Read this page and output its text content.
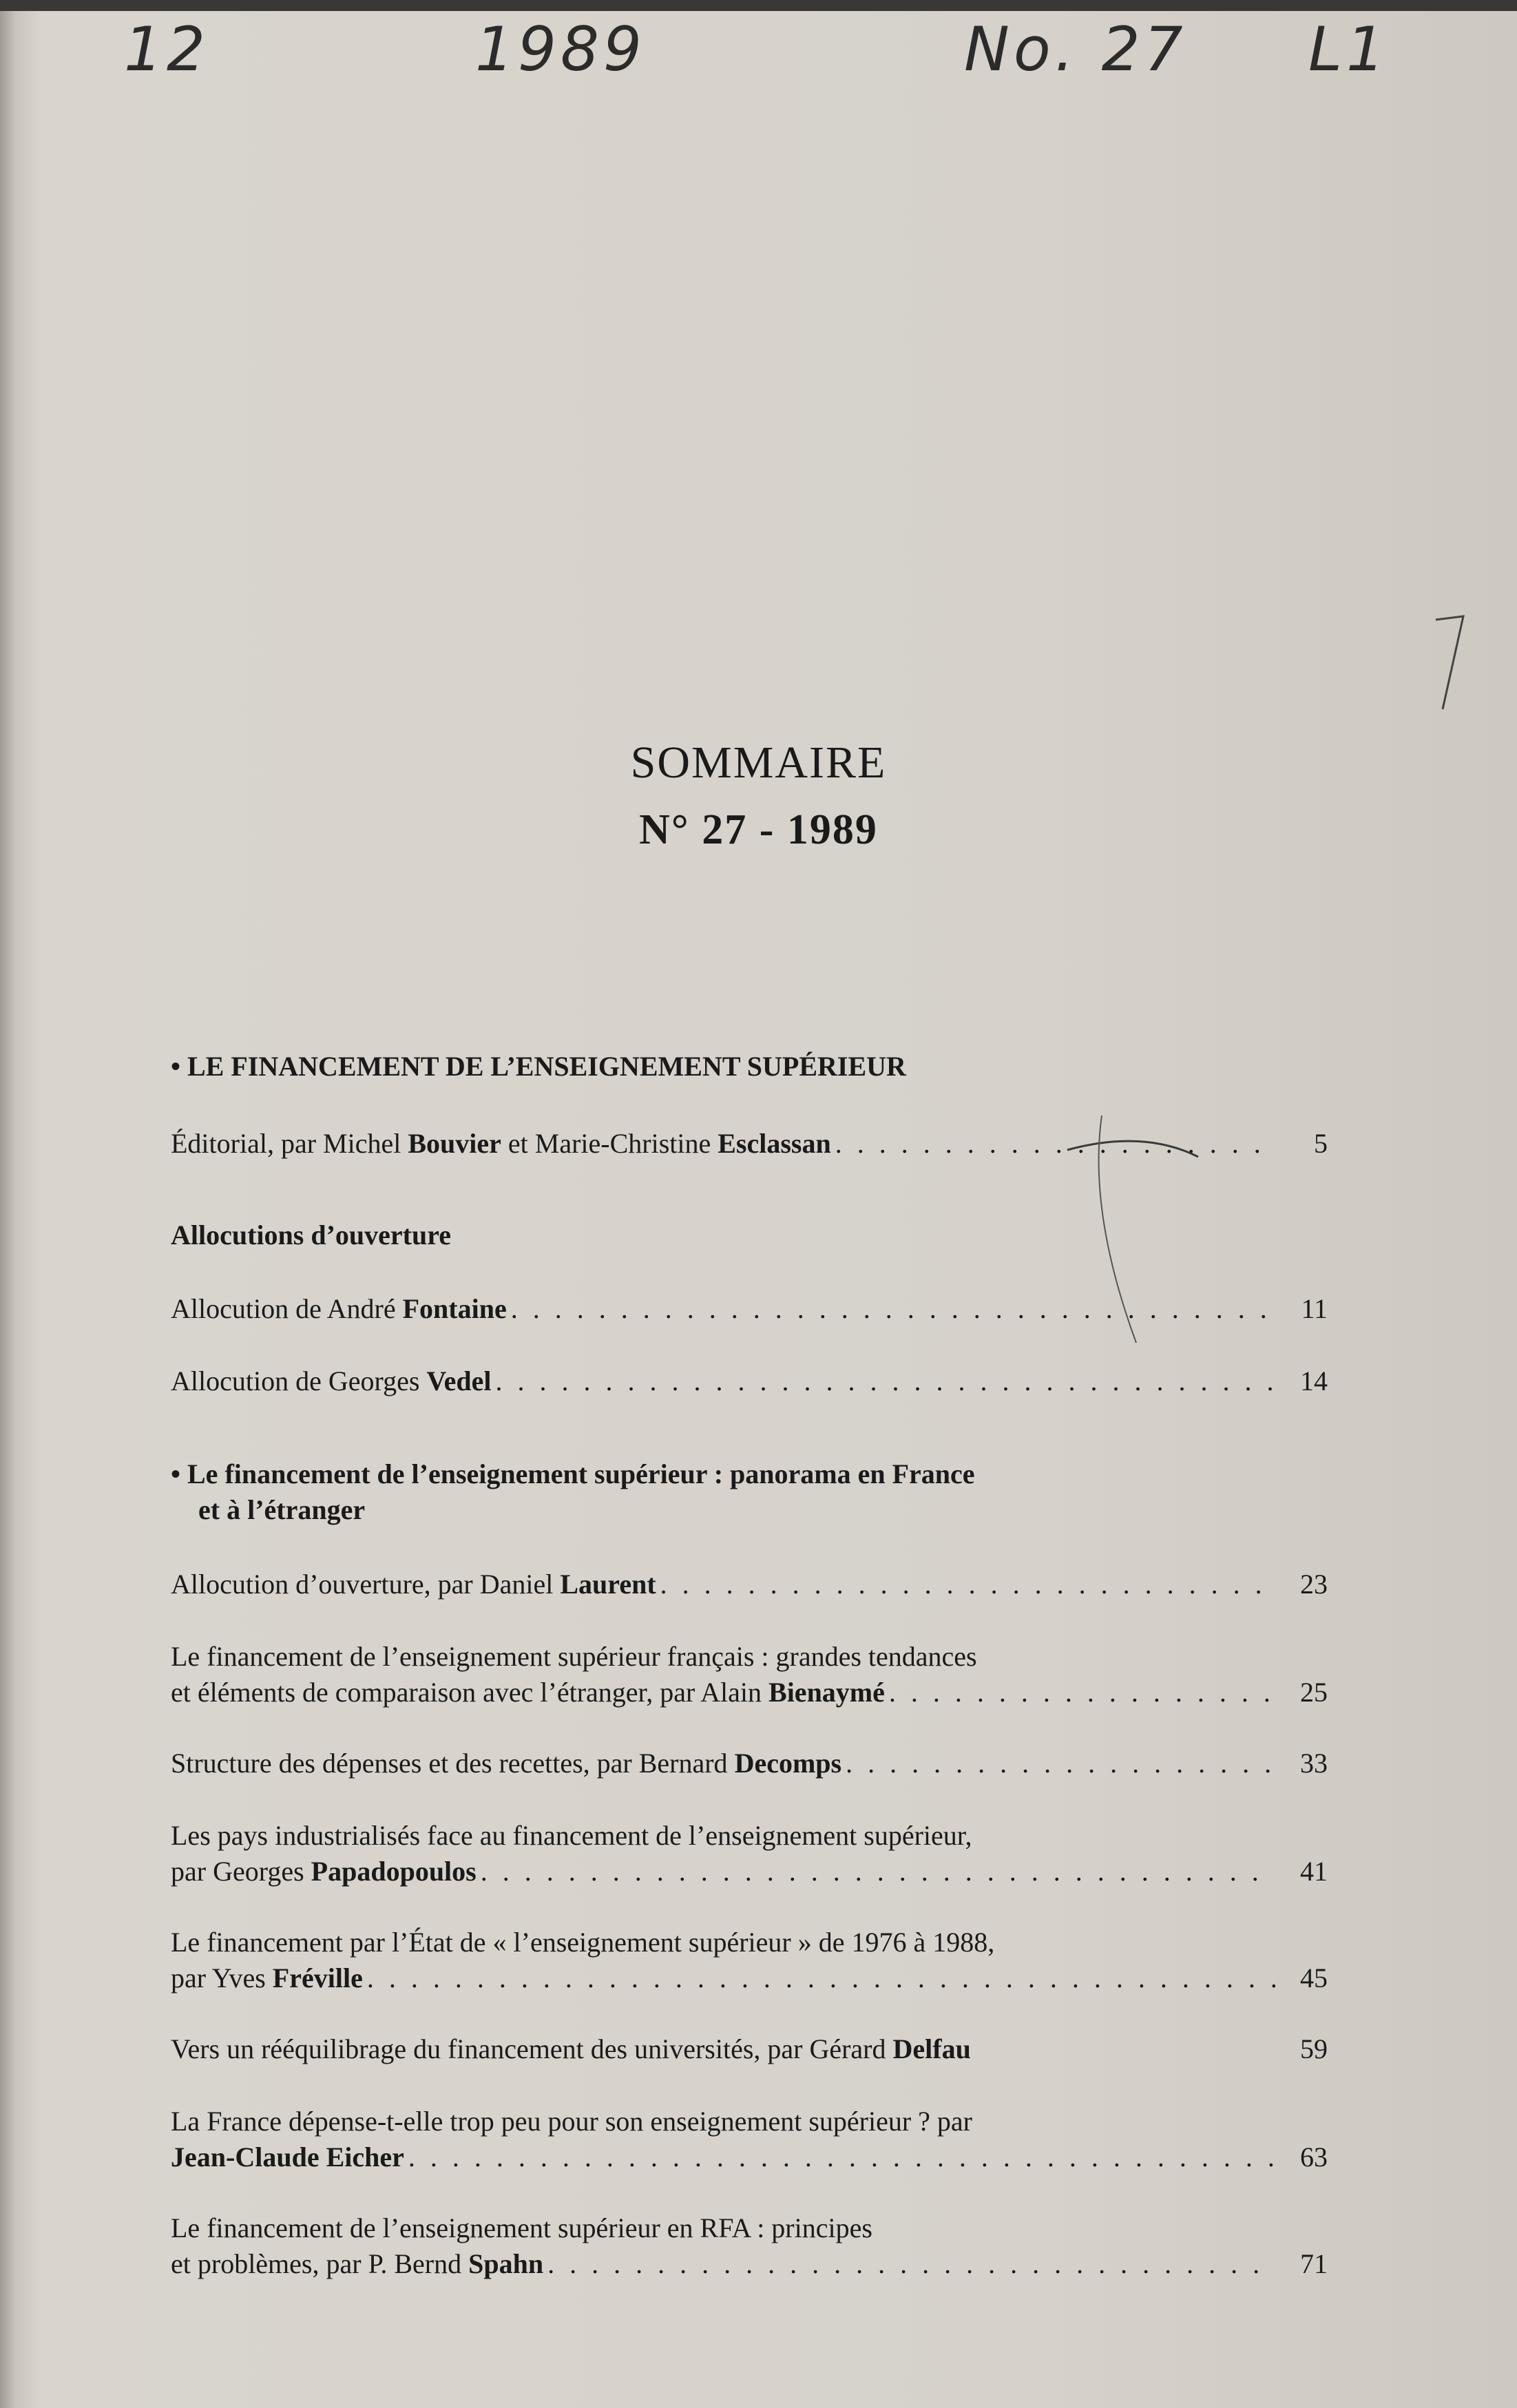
12	1989	No. 27 L1
SOMMAIRE
N° 27 - 1989
• LE FINANCEMENT DE L’ENSEIGNEMENT SUPÉRIEUR
Éditorial, par Michel Bouvier et Marie-Christine Esclassan . . .	5
Allocutions d’ouverture
Allocution de André Fontaine . . .	11
Allocution de Georges Vedel . . .	14
• Le financement de l’enseignement supérieur : panorama en France
et à l’étranger
Allocution d’ouverture, par Daniel Laurent . . .	23
Le financement de l’enseignement supérieur français : grandes tendances
et éléments de comparaison avec l’étranger, par Alain Bienaymé . . .	25
Structure des dépenses et des recettes, par Bernard Decomps . . .	33
Les pays industrialisés face au financement de l’enseignement supérieur,
par Georges Papadopoulos . . .	41
Le financement par l’État de « l’enseignement supérieur » de 1976 à 1988,
par Yves Fréville . . .	45
Vers un rééquilibrage du financement des universités, par Gérard Delfau	59
La France dépense-t-elle trop peu pour son enseignement supérieur ? par
Jean-Claude Eicher . . .	63
Le financement de l’enseignement supérieur en RFA : principes
et problèmes, par P. Bernd Spahn . . .	71
